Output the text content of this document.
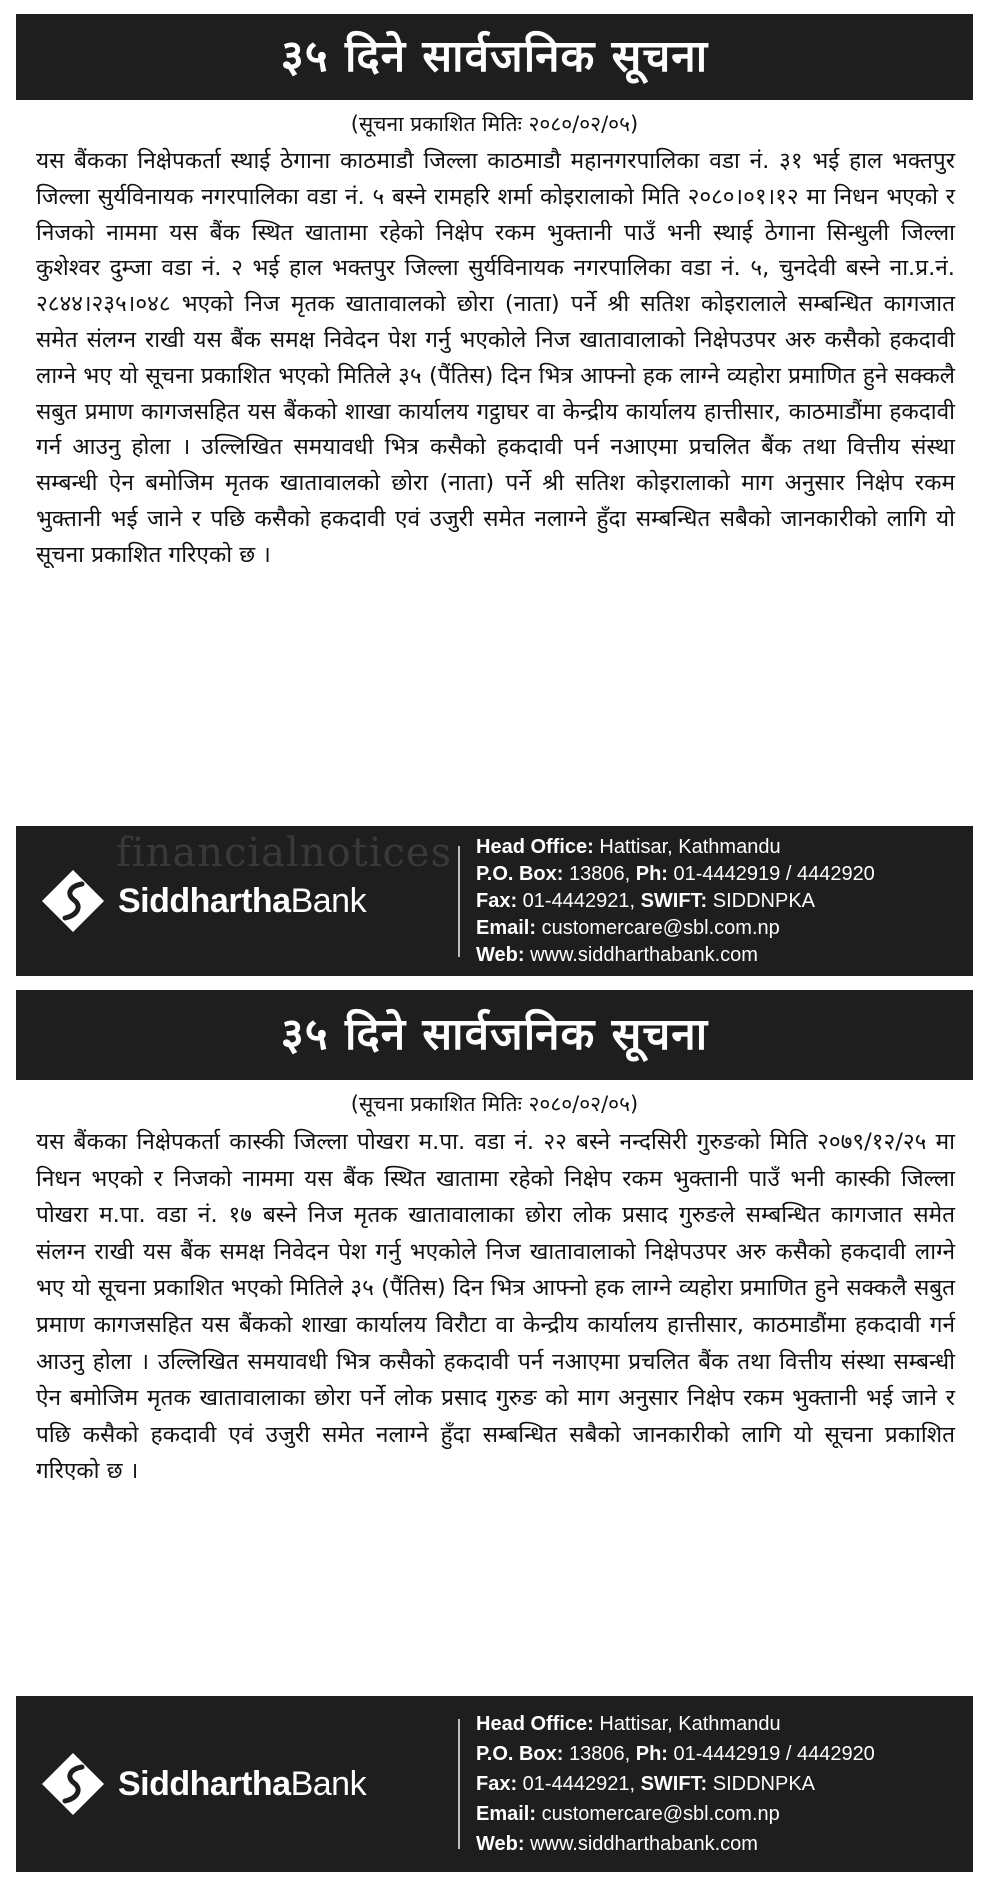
३५ दिने सार्वजनिक सूचना
(सूचना प्रकाशित मितिः २०८०/०२/०५)

यस बैंकका निक्षेपकर्ता स्थाई ठेगाना काठमाडौ जिल्ला काठमाडौ महानगरपालिका वडा नं. ३१ भई हाल भक्तपुर जिल्ला सुर्यविनायक नगरपालिका वडा नं. ५ बस्ने रामहरि शर्मा कोइरालाको मिति २०८०।०१।१२ मा निधन भएको र निजको नाममा यस बैंक स्थित खातामा रहेको निक्षेप रकम भुक्तानी पाउँ भनी स्थाई ठेगाना सिन्धुली जिल्ला कुशेश्वर दुम्जा वडा नं. २ भई हाल भक्तपुर जिल्ला सुर्यविनायक नगरपालिका वडा नं. ५, चुनदेवी बस्ने ना.प्र.नं. २८४४।२३५।०४८ भएको निज मृतक खातावालको छोरा (नाता) पर्ने श्री सतिश कोइरालाले सम्बन्धित कागजात समेत संलग्न राखी यस बैंक समक्ष निवेदन पेश गर्नु भएकोले निज खातावालाको निक्षेपउपर अरु कसैको हकदावी लाग्ने भए यो सूचना प्रकाशित भएको मितिले ३५ (पैंतिस) दिन भित्र आफ्नो हक लाग्ने व्यहोरा प्रमाणित हुने सक्कलै सबुत प्रमाण कागजसहित यस बैंकको शाखा कार्यालय गट्ठाघर वा केन्द्रीय कार्यालय हात्तीसार, काठमाडौंमा हकदावी गर्न आउनु होला । उल्लिखित समयावधी भित्र कसैको हकदावी पर्न नआएमा प्रचलित बैंक तथा वित्तीय संस्था सम्बन्धी ऐन बमोजिम मृतक खातावालको छोरा (नाता) पर्ने श्री सतिश कोइरालाको माग अनुसार निक्षेप रकम भुक्तानी भई जाने र पछि कसैको हकदावी एवं उजुरी समेत नलाग्ने हुँदा सम्बन्धित सबैको जानकारीको लागि यो सूचना प्रकाशित गरिएको छ ।

financialnotices
SiddharthaBank
Head Office: Hattisar, Kathmandu
P.O. Box: 13806, Ph: 01-4442919 / 4442920
Fax: 01-4442921, SWIFT: SIDDNPKA
Email: customercare@sbl.com.np
Web: www.siddharthabank.com
३५ दिने सार्वजनिक सूचना
(सूचना प्रकाशित मितिः २०८०/०२/०५)

यस बैंकका निक्षेपकर्ता कास्की जिल्ला पोखरा म.पा. वडा नं. २२ बस्ने नन्दसिरी गुरुङको मिति २०७९/१२/२५ मा निधन भएको र निजको नाममा यस बैंक स्थित खातामा रहेको निक्षेप रकम भुक्तानी पाउँ भनी कास्की जिल्ला पोखरा म.पा. वडा नं. १७ बस्ने निज मृतक खातावालाका छोरा लोक प्रसाद गुरुङले सम्बन्धित कागजात समेत संलग्न राखी यस बैंक समक्ष निवेदन पेश गर्नु भएकोले निज खातावालाको निक्षेपउपर अरु कसैको हकदावी लाग्ने भए यो सूचना प्रकाशित भएको मितिले ३५ (पैंतिस) दिन भित्र आफ्नो हक लाग्ने व्यहोरा प्रमाणित हुने सक्कलै सबुत प्रमाण कागजसहित यस बैंकको शाखा कार्यालय विरौटा वा केन्द्रीय कार्यालय हात्तीसार, काठमाडौंमा हकदावी गर्न आउनु होला । उल्लिखित समयावधी भित्र कसैको हकदावी पर्न नआएमा प्रचलित बैंक तथा वित्तीय संस्था सम्बन्धी ऐन बमोजिम मृतक खातावालाका छोरा पर्ने लोक प्रसाद गुरुङ को माग अनुसार निक्षेप रकम भुक्तानी भई जाने र पछि कसैको हकदावी एवं उजुरी समेत नलाग्ने हुँदा सम्बन्धित सबैको जानकारीको लागि यो सूचना प्रकाशित गरिएको छ ।

SiddharthaBank
Head Office: Hattisar, Kathmandu
P.O. Box: 13806, Ph: 01-4442919 / 4442920
Fax: 01-4442921, SWIFT: SIDDNPKA
Email: customercare@sbl.com.np
Web: www.siddharthabank.com
